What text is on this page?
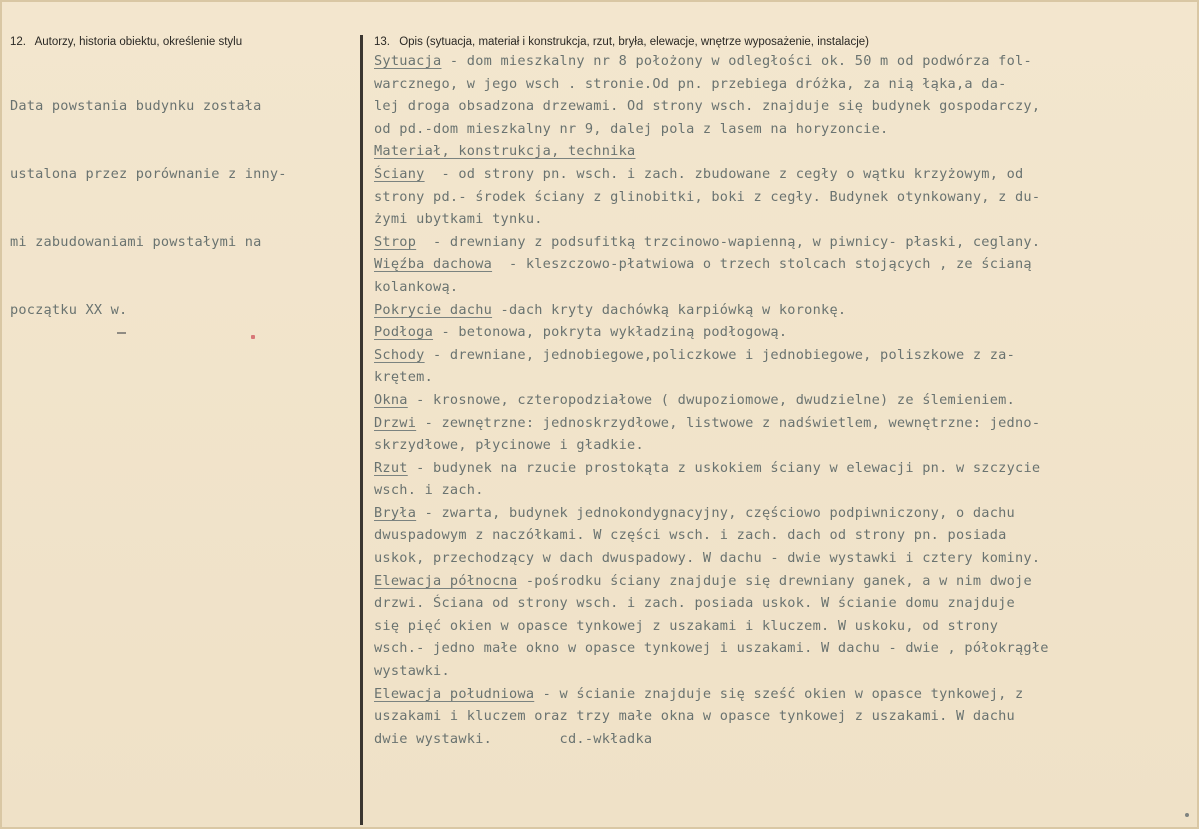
12. Autorzy, historia obiektu, określenie stylu

Data powstania budynku została

ustalona przez porównanie z inny-

mi zabudowaniami powstałymi na

początku XX w.

13. Opis (sytuacja, materiał i konstrukcja, rzut, bryła, elewacje, wnętrze wyposażenie, instalacje)
Sytuacja - dom mieszkalny nr 8 położony w odległości ok. 50 m od podwórza fol-
warcznego, w jego wsch . stronie.Od pn. przebiega dróżka, za nią łąka,a da-
lej droga obsadzona drzewami. Od strony wsch. znajduje się budynek gospodarczy,
od pd.-dom mieszkalny nr 9, dalej pola z lasem na horyzoncie.
Materiał, konstrukcja, technika
Ściany  - od strony pn. wsch. i zach. zbudowane z cegły o wątku krzyżowym, od
strony pd.- środek ściany z glinobitki, boki z cegły. Budynek otynkowany, z du-
żymi ubytkami tynku.
Strop  - drewniany z podsufitką trzcinowo-wapienną, w piwnicy- płaski, ceglany.
Więźba dachowa  - kleszczowo-płatwiowa o trzech stolcach stojących , ze ścianą
kolankową.
Pokrycie dachu -dach kryty dachówką karpiówką w koronkę.
Podłoga - betonowa, pokryta wykładziną podłogową.
Schody - drewniane, jednobiegowe,policzkowe i jednobiegowe, poliszkowe z za-
krętem.
Okna - krosnowe, czteropodziałowe ( dwupoziomowe, dwudzielne) ze ślemieniem.
Drzwi - zewnętrzne: jednoskrzydłowe, listwowe z nadświetlem, wewnętrzne: jedno-
skrzydłowe, płycinowe i gładkie.
Rzut - budynek na rzucie prostokąta z uskokiem ściany w elewacji pn. w szczycie
wsch. i zach.
Bryła - zwarta, budynek jednokondygnacyjny, częściowo podpiwniczony, o dachu
dwuspadowym z naczółkami. W części wsch. i zach. dach od strony pn. posiada
uskok, przechodzący w dach dwuspadowy. W dachu - dwie wystawki i cztery kominy.
Elewacja północna -pośrodku ściany znajduje się drewniany ganek, a w nim dwoje
drzwi. Ściana od strony wsch. i zach. posiada uskok. W ścianie domu znajduje
się pięć okien w opasce tynkowej z uszakami i kluczem. W uskoku, od strony
wsch.- jedno małe okno w opasce tynkowej i uszakami. W dachu - dwie , półokrągłe
wystawki.
Elewacja południowa - w ścianie znajduje się sześć okien w opasce tynkowej, z
uszakami i kluczem oraz trzy małe okna w opasce tynkowej z uszakami. W dachu
dwie wystawki.        cd.-wkładka
